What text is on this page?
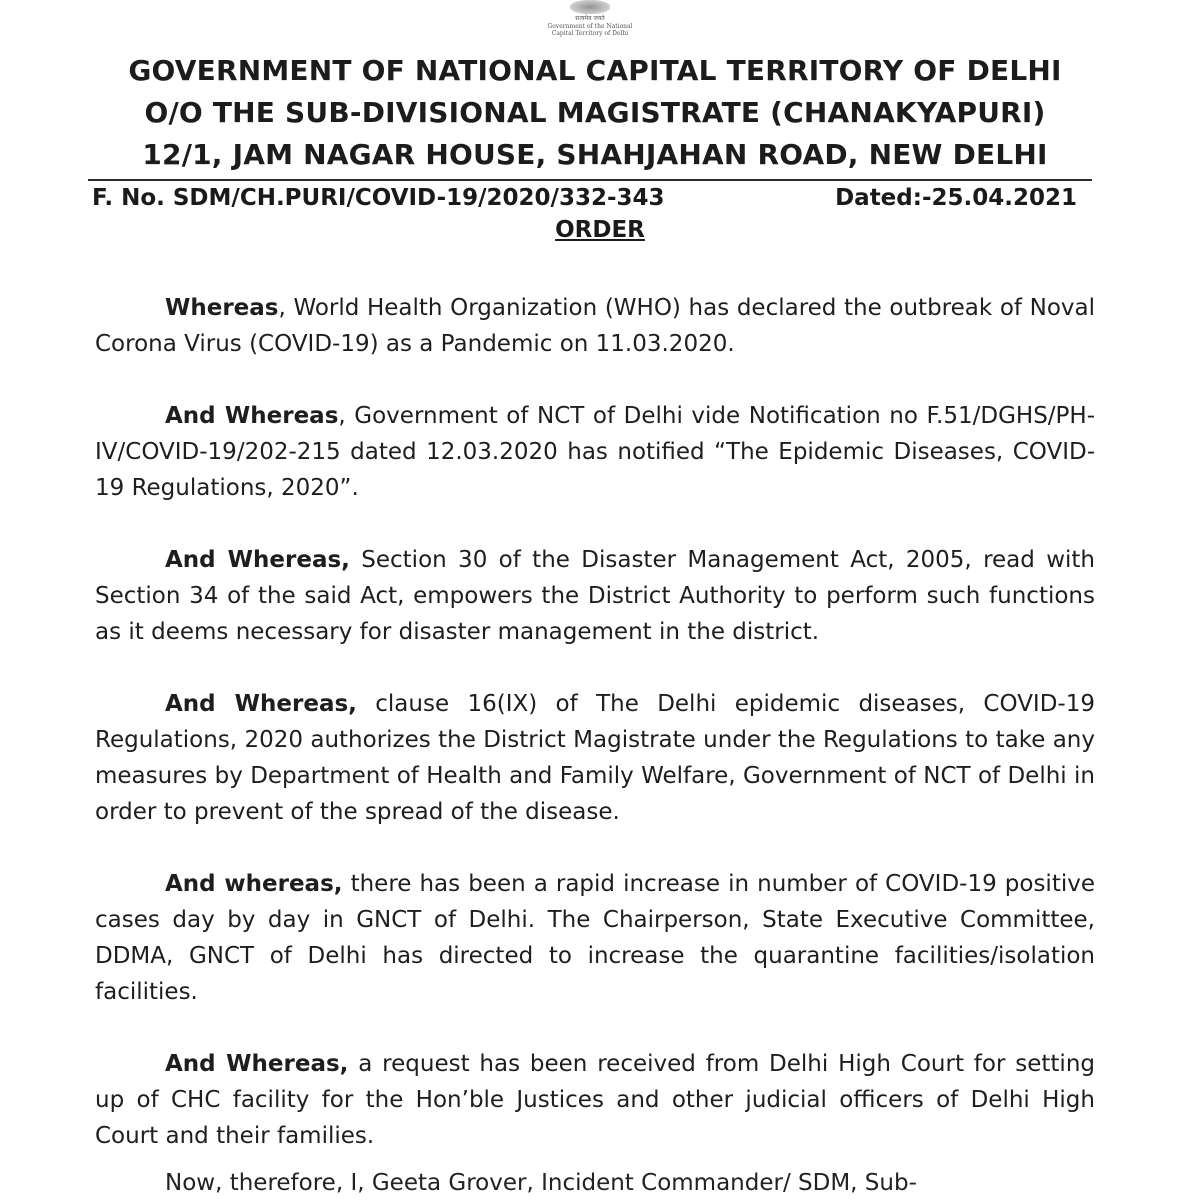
सत्यमेव जयते
Government of the National
Capital Territory of Delhi
GOVERNMENT OF NATIONAL CAPITAL TERRITORY OF DELHI
O/O THE SUB-DIVISIONAL MAGISTRATE (CHANAKYAPURI)
12/1, JAM NAGAR HOUSE, SHAHJAHAN ROAD, NEW DELHI
F. No. SDM/CH.PURI/COVID-19/2020/332-343	Dated:-25.04.2021
ORDER
Whereas, World Health Organization (WHO) has declared the outbreak of Noval Corona Virus (COVID-19) as a Pandemic on 11.03.2020.
And Whereas, Government of NCT of Delhi vide Notification no F.51/DGHS/PH-IV/COVID-19/202-215 dated 12.03.2020 has notified “The Epidemic Diseases, COVID-19 Regulations, 2020”.
And Whereas, Section 30 of the Disaster Management Act, 2005, read with Section 34 of the said Act, empowers the District Authority to perform such functions as it deems necessary for disaster management in the district.
And Whereas, clause 16(IX) of The Delhi epidemic diseases, COVID-19 Regulations, 2020 authorizes the District Magistrate under the Regulations to take any measures by Department of Health and Family Welfare, Government of NCT of Delhi in order to prevent of the spread of the disease.
And whereas, there has been a rapid increase in number of COVID-19 positive cases day by day in GNCT of Delhi. The Chairperson, State Executive Committee, DDMA, GNCT of Delhi has directed to increase the quarantine facilities/isolation facilities.
And Whereas, a request has been received from Delhi High Court for setting up of CHC facility for the Hon’ble Justices and other judicial officers of Delhi High Court and their families.
Now, therefore, I, Geeta Grover, Incident Commander/ SDM, Sub-
